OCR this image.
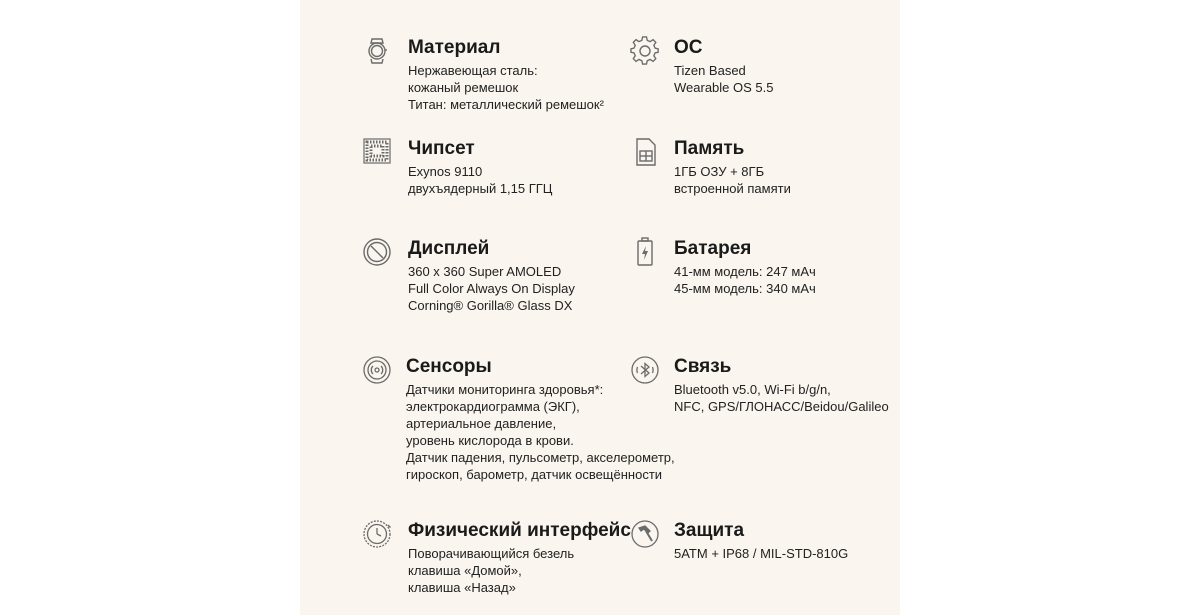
Материал
Нержавеющая сталь:
кожаный ремешок
Титан: металлический ремешок²
ОС
Tizen Based
Wearable OS 5.5
Чипсет
Exynos 9110
двухъядерный 1,15 ГГЦ
Память
1ГБ ОЗУ + 8ГБ
встроенной памяти
Дисплей
360 x 360 Super AMOLED
Full Color Always On Display
Corning® Gorilla® Glass DX
Батарея
41-мм модель: 247 мАч
45-мм модель: 340 мАч
Сенсоры
Датчики мониторинга здоровья*:
электрокардиограмма (ЭКГ),
артериальное давление,
уровень кислорода в крови.
Датчик падения, пульсометр, акселерометр,
гироскоп, барометр, датчик освещённости
Связь
Bluetooth v5.0, Wi-Fi b/g/n,
NFC, GPS/ГЛОНАСС/Beidou/Galileo
Физический интерфейс
Поворачивающийся безель
клавиша «Домой»,
клавиша «Назад»
Защита
5ATM + IP68 / MIL-STD-810G
